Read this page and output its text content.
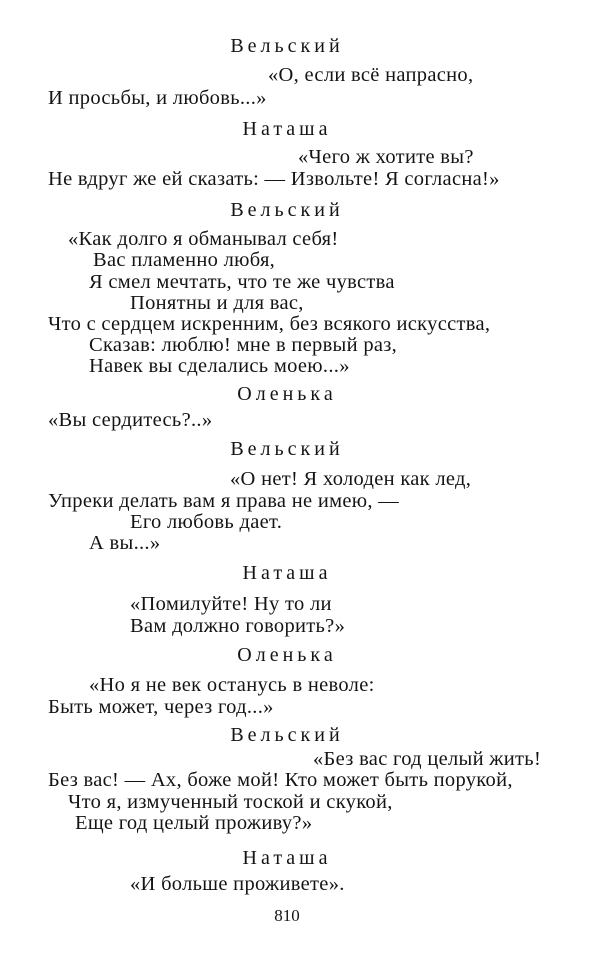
Вельский
«О, если всё напрасно,
И просьбы, и любовь...»
Наташа
«Чего ж хотите вы?
Не вдруг же ей сказать: — Извольте! Я согласна!»
Вельский
«Как долго я обманывал себя!
Вас пламенно любя,
Я смел мечтать, что те же чувства
Понятны и для вас,
Что с сердцем искренним, без всякого искусства,
Сказав: люблю! мне в первый раз,
Навек вы сделались моею...»
Оленька
«Вы сердитесь?..»
Вельский
«О нет! Я холоден как лед,
Упреки делать вам я права не имею, —
Его любовь дает.
А вы...»
Наташа
«Помилуйте! Ну то ли
Вам должно говорить?»
Оленька
«Но я не век останусь в неволе:
Быть может, через год...»
Вельский
«Без вас год целый жить!
Без вас! — Ах, боже мой! Кто может быть порукой,
Что я, измученный тоской и скукой,
Еще год целый проживу?»
Наташа
«И больше проживете».
810
